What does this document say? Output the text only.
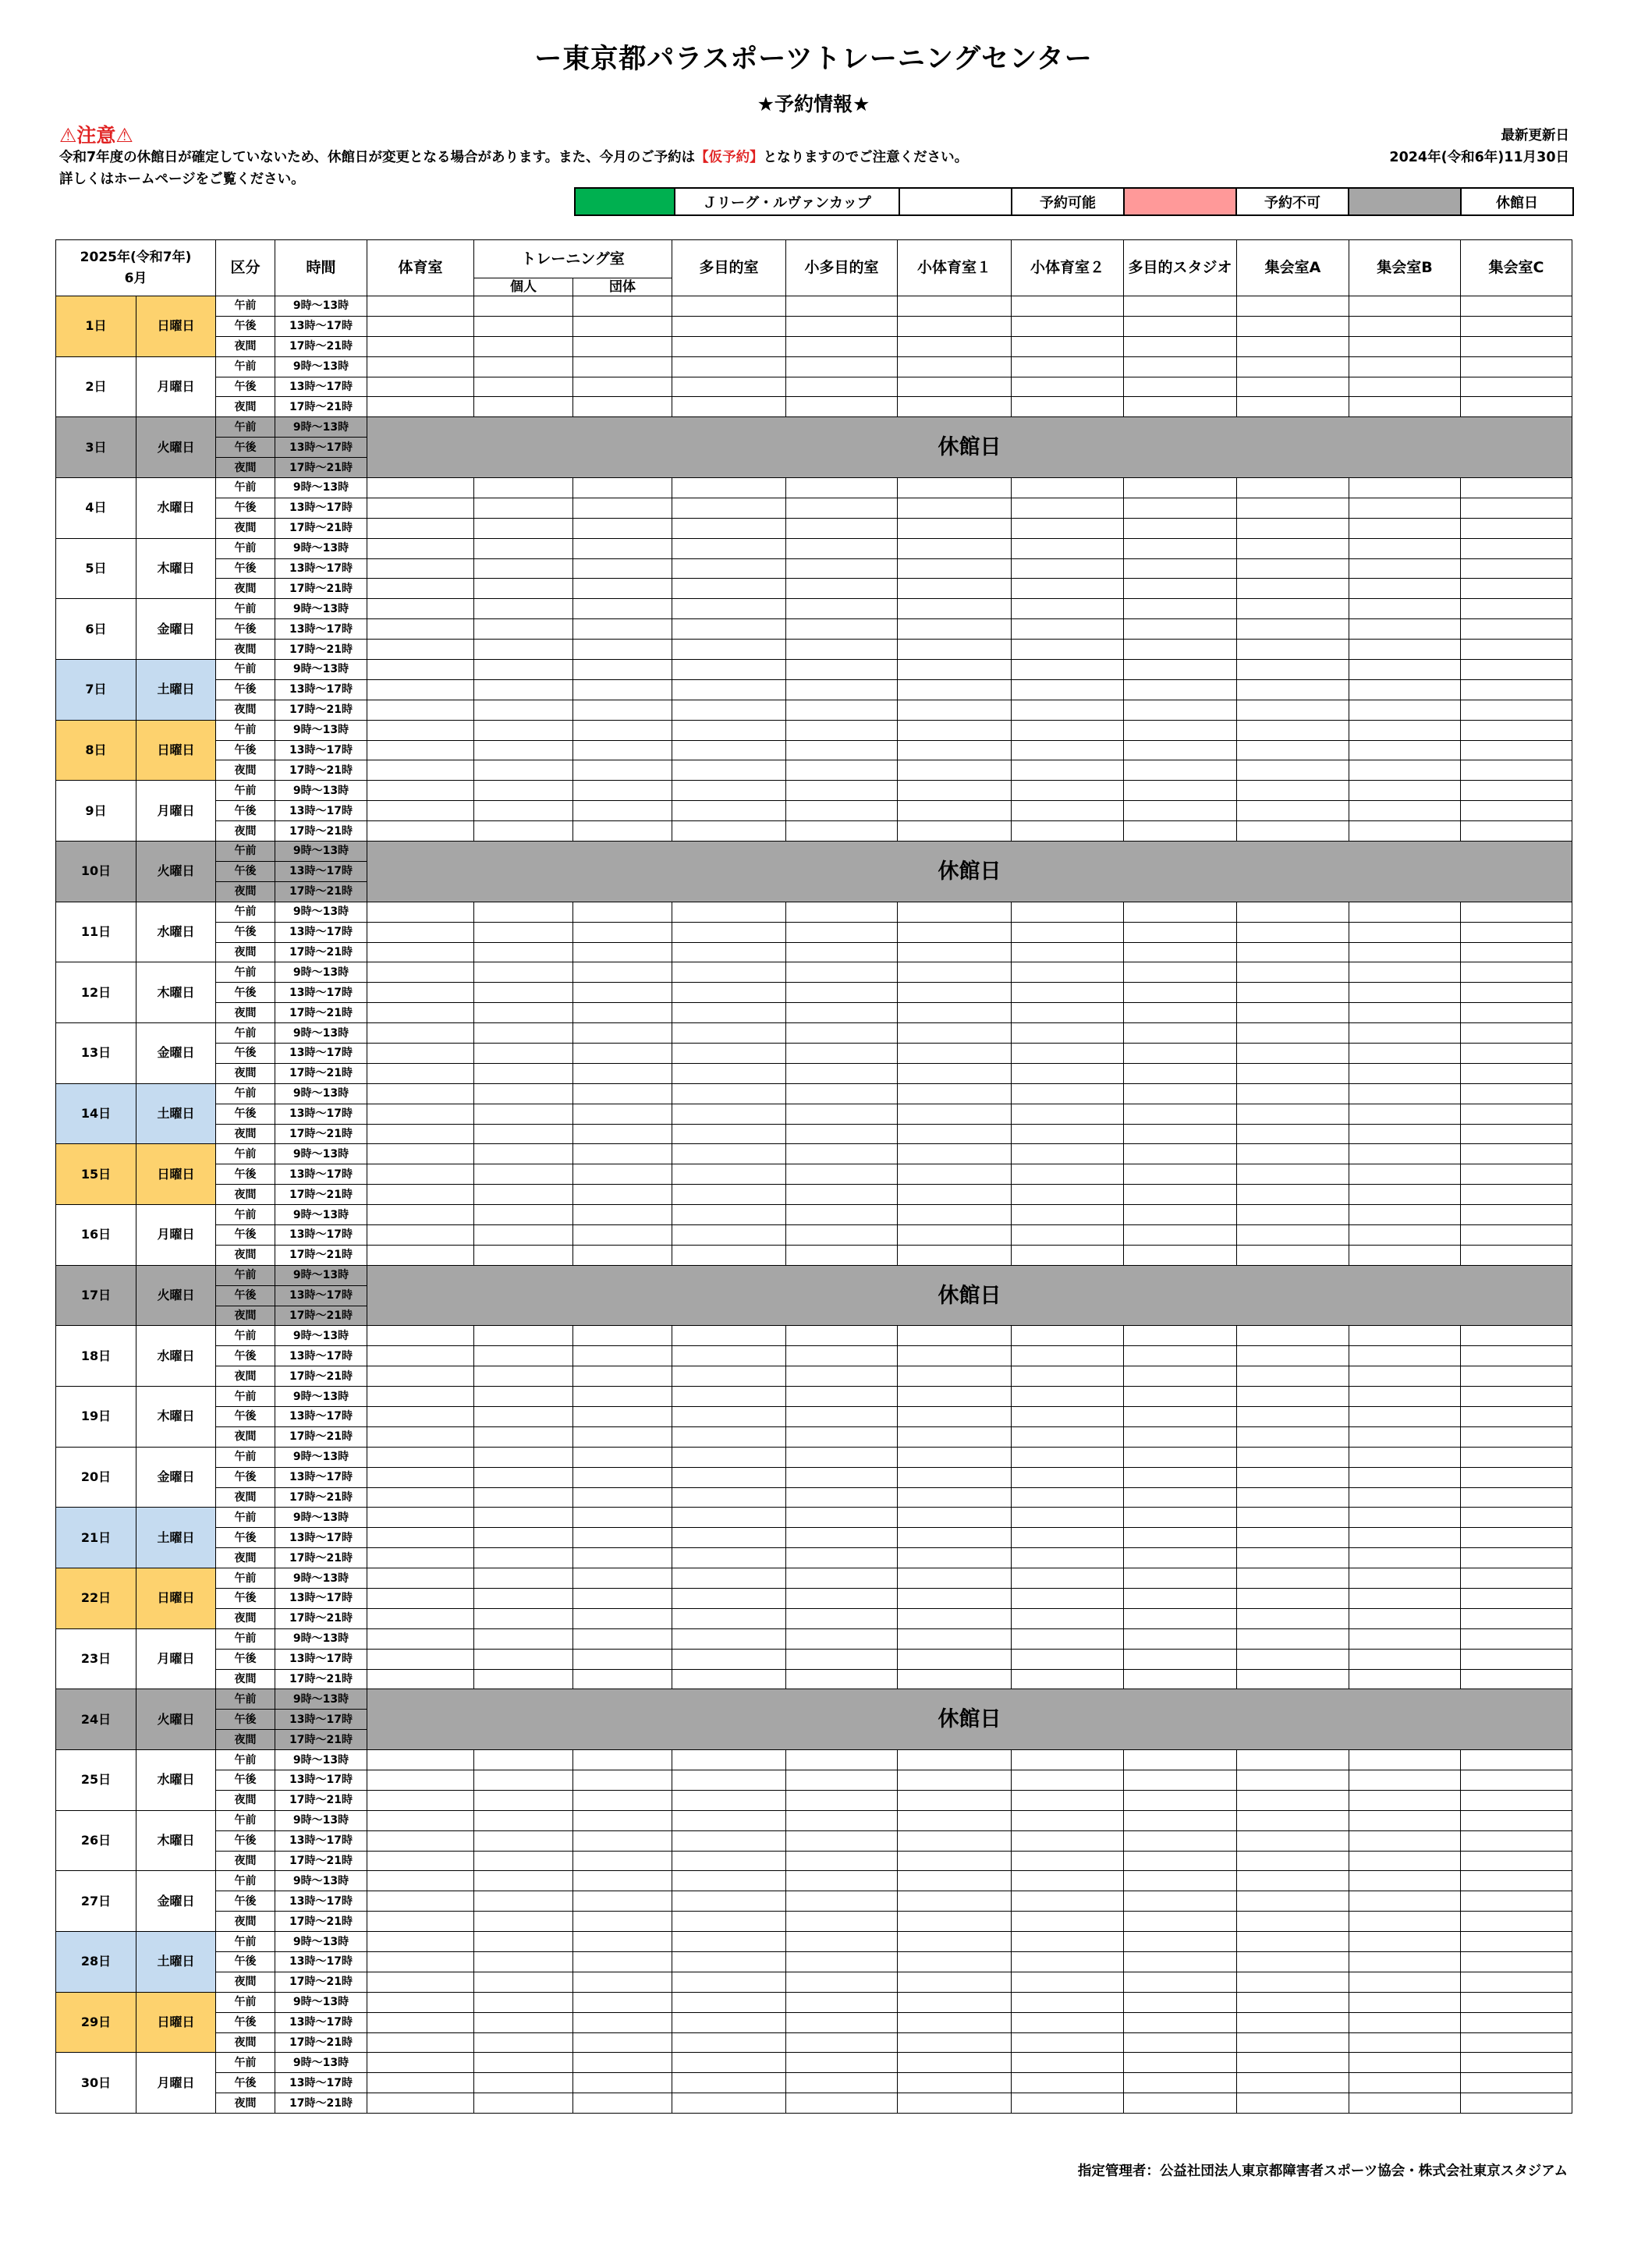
ー東京都パラスポーツトレーニングセンター
★予約情報★
⚠注意⚠
令和7年度の休館日が確定していないため、休館日が変更となる場合があります。また、今月のご予約は【仮予約】となりますのでご注意ください。
詳しくはホームページをご覧ください。
最新更新日
2024年(令和6年)11月30日
	Ｊリーグ・ルヴァンカップ		予約可能		予約不可		休館日
2025年(令和7年)
6月		区分	時間	体育室	トレーニング室		多目的室	小多目的室	小体育室１	小体育室２	多目的スタジオ	集会室A	集会室B	集会室C
					個人	団体								
1日	日曜日	午前	9時～13時											
		午後	13時～17時											
		夜間	17時～21時											
2日	月曜日	午前	9時～13時											
		午後	13時～17時											
		夜間	17時～21時											
3日	火曜日	午前	9時～13時	休館日										
		午後	13時～17時											
		夜間	17時～21時											
4日	水曜日	午前	9時～13時											
		午後	13時～17時											
		夜間	17時～21時											
5日	木曜日	午前	9時～13時											
		午後	13時～17時											
		夜間	17時～21時											
6日	金曜日	午前	9時～13時											
		午後	13時～17時											
		夜間	17時～21時											
7日	土曜日	午前	9時～13時											
		午後	13時～17時											
		夜間	17時～21時											
8日	日曜日	午前	9時～13時											
		午後	13時～17時											
		夜間	17時～21時											
9日	月曜日	午前	9時～13時											
		午後	13時～17時											
		夜間	17時～21時											
10日	火曜日	午前	9時～13時	休館日										
		午後	13時～17時											
		夜間	17時～21時											
11日	水曜日	午前	9時～13時											
		午後	13時～17時											
		夜間	17時～21時											
12日	木曜日	午前	9時～13時											
		午後	13時～17時											
		夜間	17時～21時											
13日	金曜日	午前	9時～13時											
		午後	13時～17時											
		夜間	17時～21時											
14日	土曜日	午前	9時～13時											
		午後	13時～17時											
		夜間	17時～21時											
15日	日曜日	午前	9時～13時											
		午後	13時～17時											
		夜間	17時～21時											
16日	月曜日	午前	9時～13時											
		午後	13時～17時											
		夜間	17時～21時											
17日	火曜日	午前	9時～13時	休館日										
		午後	13時～17時											
		夜間	17時～21時											
18日	水曜日	午前	9時～13時											
		午後	13時～17時											
		夜間	17時～21時											
19日	木曜日	午前	9時～13時											
		午後	13時～17時											
		夜間	17時～21時											
20日	金曜日	午前	9時～13時											
		午後	13時～17時											
		夜間	17時～21時											
21日	土曜日	午前	9時～13時											
		午後	13時～17時											
		夜間	17時～21時											
22日	日曜日	午前	9時～13時											
		午後	13時～17時											
		夜間	17時～21時											
23日	月曜日	午前	9時～13時											
		午後	13時～17時											
		夜間	17時～21時											
24日	火曜日	午前	9時～13時	休館日										
		午後	13時～17時											
		夜間	17時～21時											
25日	水曜日	午前	9時～13時											
		午後	13時～17時											
		夜間	17時～21時											
26日	木曜日	午前	9時～13時											
		午後	13時～17時											
		夜間	17時～21時											
27日	金曜日	午前	9時～13時											
		午後	13時～17時											
		夜間	17時～21時											
28日	土曜日	午前	9時～13時											
		午後	13時～17時											
		夜間	17時～21時											
29日	日曜日	午前	9時～13時											
		午後	13時～17時											
		夜間	17時～21時											
30日	月曜日	午前	9時～13時											
		午後	13時～17時											
		夜間	17時～21時											
指定管理者：公益社団法人東京都障害者スポーツ協会・株式会社東京スタジアム
